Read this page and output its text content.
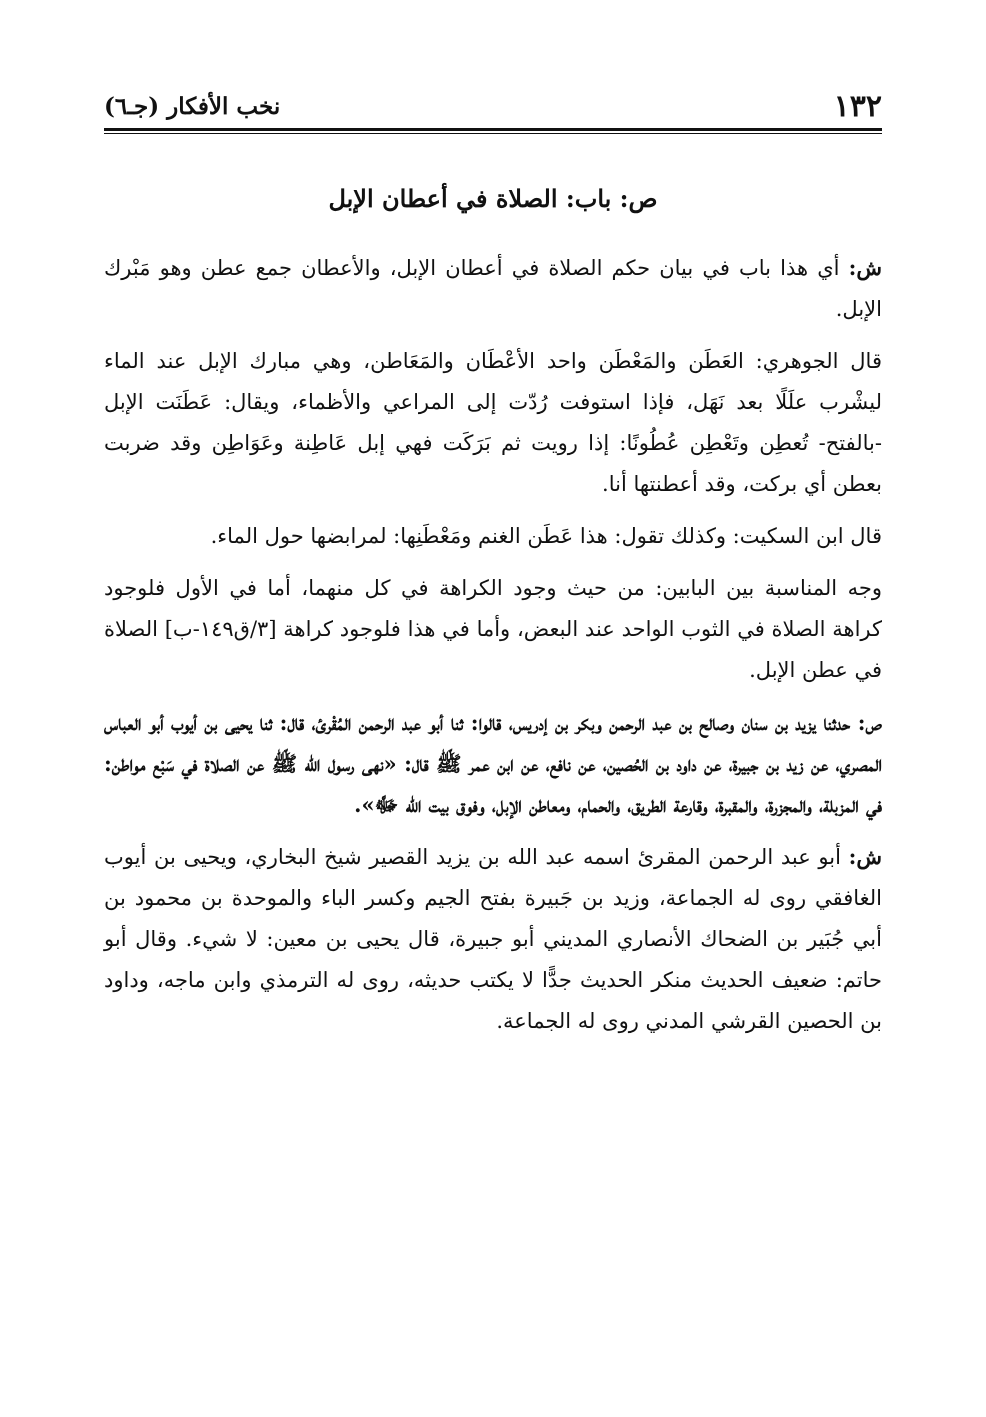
١٣٢
نخب الأفكار (جـ٦)
ص: باب: الصلاة في أعطان الإبل

ش: أي هذا باب في بيان حكم الصلاة في أعطان الإبل، والأعطان جمع عطن وهو مَبْرك الإبل.

قال الجوهري: العَطَن والمَعْطَن واحد الأعْطَان والمَعَاطن، وهي مبارك الإبل عند الماء ليشْرب علَلًا بعد نَهَل، فإذا استوفت رُدّت إلى المراعي والأظماء، ويقال: عَطَنَت الإبل -بالفتح- تُعطِن وتَعْطِن عُطُونًا: إذا رويت ثم بَرَكَت فهي إبل عَاطِنة وعَوَاطِن وقد ضربت بعطن أي بركت، وقد أعطنتها أنا.

قال ابن السكيت: وكذلك تقول: هذا عَطَن الغنم ومَعْطَنِها: لمرابضها حول الماء.

وجه المناسبة بين البابين: من حيث وجود الكراهة في كل منهما، أما في الأول فلوجود كراهة الصلاة في الثوب الواحد عند البعض، وأما في هذا فلوجود كراهة [٣/ق١٤٩-ب] الصلاة في عطن الإبل.

ص: حدثنا يزيد بن سنان وصالح بن عبد الرحمن وبكر بن إدريس، قالوا: ثنا أبو عبد الرحمن المُقْرئ، قال: ثنا يحيى بن أيوب أبو العباس المصري، عن زيد بن جبيرة، عن داود بن الحُصين، عن نافع، عن ابن عمر ﷺ قال: «نهى رسول الله ﷺ عن الصلاة في سَبْع مواطن: في المزبلة، والمجزرة، والمقبرة، وقارعة الطريق، والحمام، ومعاطن الإبل، وفوق بيت الله ﷻ».

ش: أبو عبد الرحمن المقرئ اسمه عبد الله بن يزيد القصير شيخ البخاري، ويحيى بن أيوب الغافقي روى له الجماعة، وزيد بن جَبيرة بفتح الجيم وكسر الباء والموحدة بن محمود بن أبي جُبَير بن الضحاك الأنصاري المديني أبو جبيرة، قال يحيى بن معين: لا شيء. وقال أبو حاتم: ضعيف الحديث منكر الحديث جدًّا لا يكتب حديثه، روى له الترمذي وابن ماجه، وداود بن الحصين القرشي المدني روى له الجماعة.
